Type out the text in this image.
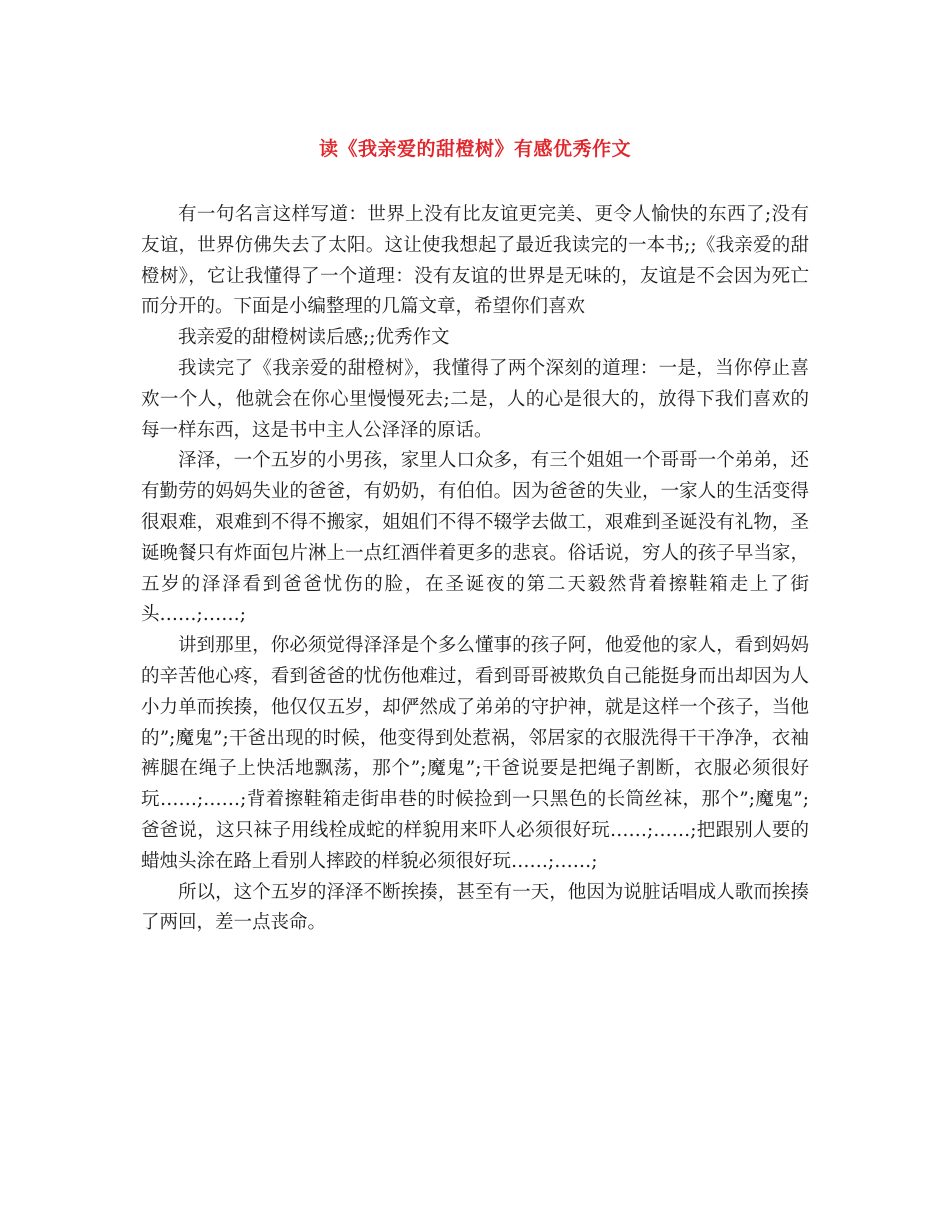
读《我亲爱的甜橙树》有感优秀作文

有一句名言这样写道：世界上没有比友谊更完美、更令人愉快的东西了;没有友谊，世界仿佛失去了太阳。这让使我想起了最近我读完的一本书;;《我亲爱的甜橙树》，它让我懂得了一个道理：没有友谊的世界是无味的，友谊是不会因为死亡而分开的。下面是小编整理的几篇文章，希望你们喜欢

我亲爱的甜橙树读后感;;优秀作文

我读完了《我亲爱的甜橙树》，我懂得了两个深刻的道理：一是，当你停止喜欢一个人，他就会在你心里慢慢死去;二是，人的心是很大的，放得下我们喜欢的每一样东西，这是书中主人公泽泽的原话。

泽泽，一个五岁的小男孩，家里人口众多，有三个姐姐一个哥哥一个弟弟，还有勤劳的妈妈失业的爸爸，有奶奶，有伯伯。因为爸爸的失业，一家人的生活变得很艰难，艰难到不得不搬家，姐姐们不得不辍学去做工，艰难到圣诞没有礼物，圣诞晚餐只有炸面包片淋上一点红酒伴着更多的悲哀。俗话说，穷人的孩子早当家，五岁的泽泽看到爸爸忧伤的脸，在圣诞夜的第二天毅然背着擦鞋箱走上了街头……;……;

讲到那里，你必须觉得泽泽是个多么懂事的孩子阿，他爱他的家人，看到妈妈的辛苦他心疼，看到爸爸的忧伤他难过，看到哥哥被欺负自己能挺身而出却因为人小力单而挨揍，他仅仅五岁，却俨然成了弟弟的守护神，就是这样一个孩子，当他的”;魔鬼”;干爸出现的时候，他变得到处惹祸，邻居家的衣服洗得干干净净，衣袖裤腿在绳子上快活地飘荡，那个”;魔鬼”;干爸说要是把绳子割断，衣服必须很好玩……;……;背着擦鞋箱走街串巷的时候捡到一只黑色的长筒丝袜，那个”;魔鬼”;爸爸说，这只袜子用线栓成蛇的样貌用来吓人必须很好玩……;……;把跟别人要的蜡烛头涂在路上看别人摔跤的样貌必须很好玩……;……;

所以，这个五岁的泽泽不断挨揍，甚至有一天，他因为说脏话唱成人歌而挨揍了两回，差一点丧命。
